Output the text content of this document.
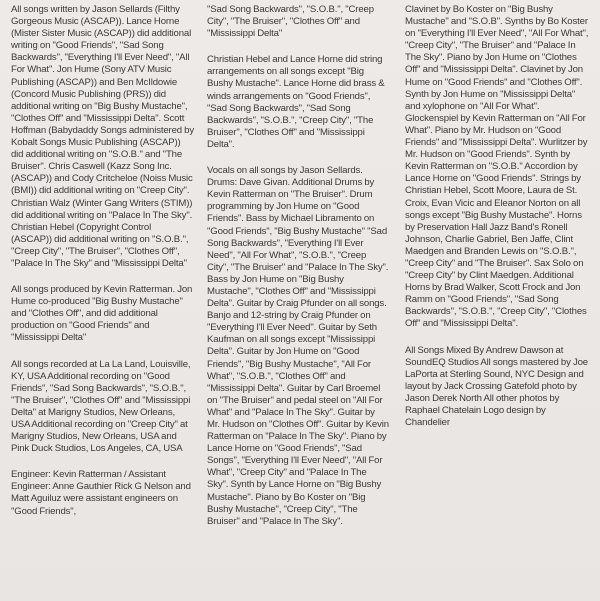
All songs written by Jason Sellards (Filthy Gorgeous Music (ASCAP)). Lance Horne (Mister Sister Music (ASCAP)) did additional writing on "Good Friends", "Sad Song Backwards", "Everything I'll Ever Need", "All For What". Jon Hume (Sony ATV Music Publishing (ASCAP)) and Ben McIldowie (Concord Music Publishing (PRS)) did additional writing on "Big Bushy Mustache", "Clothes Off" and "Mississippi Delta". Scott Hoffman (Babydaddy Songs administered by Kobalt Songs Music Publishing (ASCAP)) did additional writing on "S.O.B." and "The Bruiser". Chris Caswell (Kazz Song Inc. (ASCAP)) and Cody Critcheloe (Noiss Music (BMI)) did additional writing on "Creep City". Christian Walz (Winter Gang Writers (STIM)) did additional writing on "Palace In The Sky". Christian Hebel (Copyright Control (ASCAP)) did additional writing on "S.O.B.", "Creep City", "The Bruiser", "Clothes Off", "Palace In The Sky" and "Mississippi Delta"

All songs produced by Kevin Ratterman. Jon Hume co-produced "Big Bushy Mustache" and "Clothes Off", and did additional production on "Good Friends" and "Mississippi Delta"

All songs recorded at La La Land, Louisville, KY, USA Additional recording on "Good Friends", "Sad Song Backwards", "S.O.B.", "The Bruiser", "Clothes Off" and "Mississippi Delta" at Marigny Studios, New Orleans, USA Additional recording on "Creep City" at Marigny Studios, New Orleans, USA and Pink Duck Studios, Los Angeles, CA, USA

Engineer: Kevin Ratterman / Assistant Engineer: Anne Gauthier Rick G Nelson and Matt Aguiluz were assistant engineers on "Good Friends",

"Sad Song Backwards", "S.O.B.", "Creep City", "The Bruiser", "Clothes Off" and "Mississippi Delta"

Christian Hebel and Lance Horne did string arrangements on all songs except "Big Bushy Mustache". Lance Horne did brass & winds arrangements on "Good Friends", "Sad Song Backwards", "Sad Song Backwards", "S.O.B.", "Creep City", "The Bruiser", "Clothes Off" and "Mississippi Delta".

Vocals on all songs by Jason Sellards. Drums: Dave Givan. Additional Drums by Kevin Ratterman on "The Bruiser". Drum programming by Jon Hume on "Good Friends". Bass by Michael Libramento on "Good Friends", "Big Bushy Mustache" "Sad Song Backwards", "Everything I'll Ever Need", "All For What", "S.O.B.", "Creep City", "The Bruiser" and "Palace In The Sky". Bass by Jon Hume on "Big Bushy Mustache", "Clothes Off" and "Mississippi Delta". Guitar by Craig Pfunder on all songs. Banjo and 12-string by Craig Pfunder on "Everything I'll Ever Need". Guitar by Seth Kaufman on all songs except "Mississippi Delta". Guitar by Jon Hume on "Good Friends", "Big Bushy Mustache", "All For What", "S.O.B.", "Clothes Off" and "Mississippi Delta". Guitar by Carl Broemel on "The Bruiser" and pedal steel on "All For What" and "Palace In The Sky". Guitar by Mr. Hudson on "Clothes Off". Guitar by Kevin Ratterman on "Palace In The Sky". Piano by Lance Horne on "Good Friends", "Sad Songs", "Everything I'll Ever Need", "All For What", "Creep City" and "Palace In The Sky". Synth by Lance Horne on "Big Bushy Mustache". Piano by Bo Koster on "Big Bushy Mustache", "Creep City", "The Bruiser" and "Palace In The Sky".

Clavinet by Bo Koster on "Big Bushy Mustache" and "S.O.B". Synths by Bo Koster on "Everything I'll Ever Need", "All For What", "Creep City", "The Bruiser" and "Palace In The Sky". Piano by Jon Hume on "Clothes Off" and "Mississippi Delta". Clavinet by Jon Hume on "Good Friends" and "Clothes Off". Synth by Jon Hume on "Mississippi Delta" and xylophone on "All For What". Glockenspiel by Kevin Ratterman on "All For What". Piano by Mr. Hudson on "Good Friends" and "Mississippi Delta". Wurlitzer by Mr. Hudson on "Good Friends". Synth by Kevin Ratterman on "S.O.B." Accordion by Lance Horne on "Good Friends". Strings by Christian Hebel, Scott Moore, Laura de St. Croix, Evan Vicic and Eleanor Norton on all songs except "Big Bushy Mustache". Horns by Preservation Hall Jazz Band's Ronell Johnson, Charlie Gabriel, Ben Jaffe, Clint Maedgen and Branden Lewis on "S.O.B.", "Creep City" and "The Bruiser". Sax Solo on "Creep City" by Clint Maedgen. Additional Horns by Brad Walker, Scott Frock and Jon Ramm on "Good Friends", "Sad Song Backwards", "S.O.B.", "Creep City", "Clothes Off" and "Mississippi Delta".

All Songs Mixed By Andrew Dawson at SoundEQ Studios All songs mastered by Joe LaPorta at Sterling Sound, NYC Design and layout by Jack Crossing Gatefold photo by Jason Derek North All other photos by Raphael Chatelain Logo design by Chandelier
